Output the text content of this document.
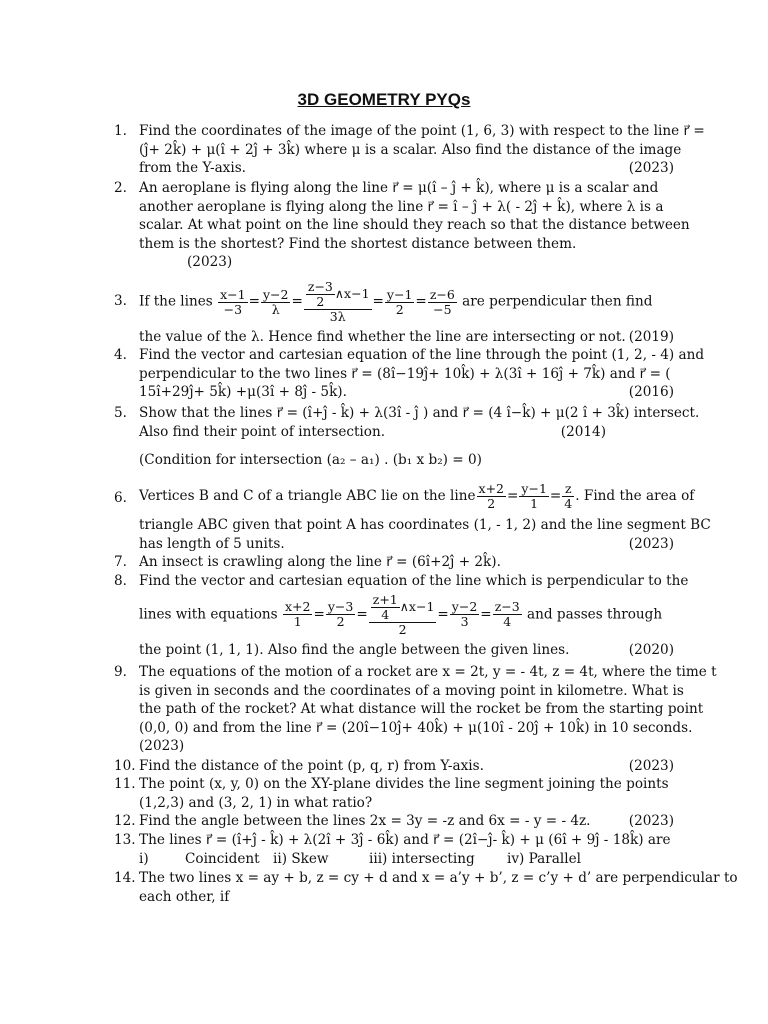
3D GEOMETRY PYQs
1. Find the coordinates of the image of the point (1, 6, 3) with respect to the line r⃗ =
(ĵ+ 2k̂) + μ(î + 2ĵ + 3k̂) where μ is a scalar. Also find the distance of the image
from the Y-axis.	(2023)
2. An aeroplane is flying along the line r⃗ = μ(î – ĵ + k̂), where μ is a scalar and
another aeroplane is flying along the line r⃗ = î – ĵ + λ( - 2ĵ + k̂), where λ is a
scalar. At what point on the line should they reach so that the distance between
them is the shortest? Find the shortest distance between them.
(2023)
3. If the lines $\frac{x-1}{-3} = \frac{y-2}{\lambda} = \frac{\frac{z-3}{2} \wedge x-1}{3\lambda} = \frac{y-1}{2} = \frac{z-6}{-5}$ are perpendicular then find
the value of the λ. Hence find whether the line are intersecting or not. (2019)
4. Find the vector and cartesian equation of the line through the point (1, 2, - 4) and
perpendicular to the two lines r⃗ = (8î−19ĵ+ 10k̂) + λ(3î + 16ĵ + 7k̂) and r⃗ = (
15î+29ĵ+ 5k̂) +μ(3î + 8ĵ - 5k̂).	(2016)
5. Show that the lines r⃗ = (î+ĵ - k̂) + λ(3î - ĵ ) and r⃗ = (4 î−k̂) + μ(2 î + 3k̂) intersect.
Also find their point of intersection.	(2014)
(Condition for intersection (a₂ – a₁) . (b₁ x b₂) = 0)
6. Vertices B and C of a triangle ABC lie on the line $\frac{x+2}{2} = \frac{y-1}{1} = \frac{z}{4}$ . Find the area of
triangle ABC given that point A has coordinates (1, - 1, 2) and the line segment BC
has length of 5 units.	(2023)
7. An insect is crawling along the line r⃗ = (6î+2ĵ + 2k̂).
8. Find the vector and cartesian equation of the line which is perpendicular to the
lines with equations $\frac{x+2}{1} = \frac{y-3}{2} = \frac{\frac{z+1}{4} \wedge x-1}{2} = \frac{y-2}{3} = \frac{z-3}{4}$ and passes through
the point (1, 1, 1). Also find the angle between the given lines.	(2020)
9. The equations of the motion of a rocket are x = 2t, y = - 4t, z = 4t, where the time t
is given in seconds and the coordinates of a moving point in kilometre. What is
the path of the rocket? At what distance will the rocket be from the starting point
(0,0, 0) and from the line r⃗ = (20î−10ĵ+ 40k̂) + μ(10î - 20ĵ + 10k̂) in 10 seconds.
(2023)
10. Find the distance of the point (p, q, r) from Y-axis.	(2023)
11. The point (x, y, 0) on the XY-plane divides the line segment joining the points
(1,2,3) and (3, 2, 1) in what ratio?
12. Find the angle between the lines 2x = 3y = -z and 6x = - y = - 4z.	(2023)
13. The lines r⃗ = (î+ĵ - k̂) + λ(2î + 3ĵ - 6k̂) and r⃗ = (2î−ĵ- k̂) + μ (6î + 9ĵ - 18k̂) are
i)	Coincident ii) Skew	iii) intersecting iv) Parallel
14. The two lines x = ay + b, z = cy + d and x = a’y + b’, z = c’y + d’ are perpendicular to
each other, if
